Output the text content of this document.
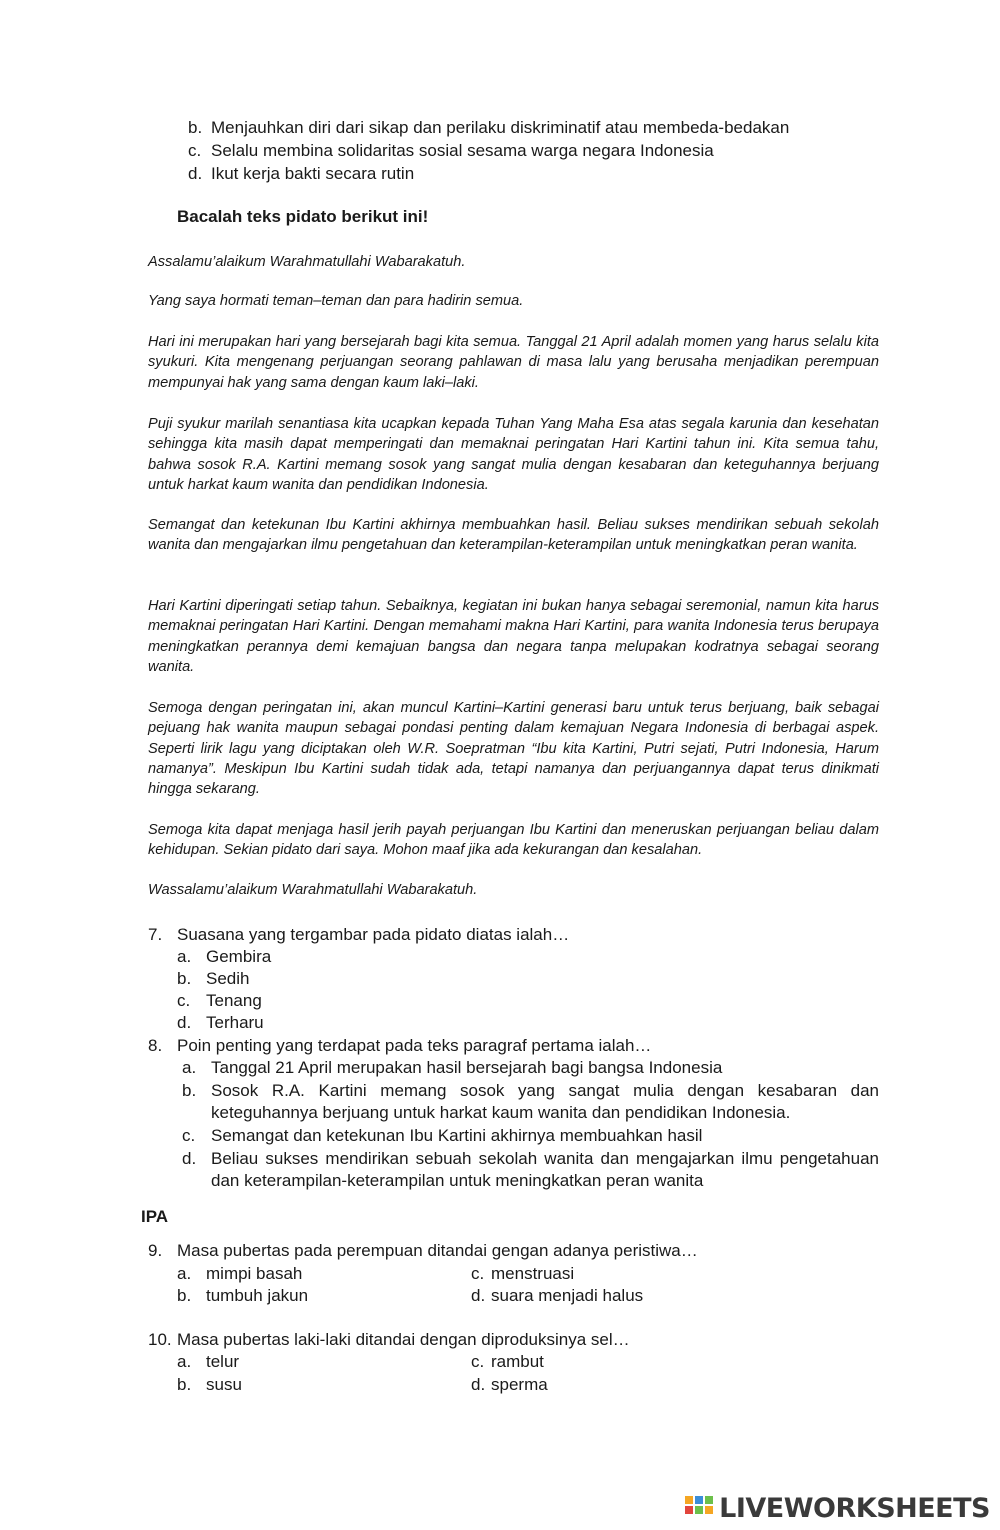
b. Menjauhkan diri dari sikap dan perilaku diskriminatif atau membeda-bedakan
c. Selalu membina solidaritas sosial sesama warga negara Indonesia
d. Ikut kerja bakti secara rutin
Bacalah teks pidato berikut ini!
Assalamu’alaikum Warahmatullahi Wabarakatuh.
Yang saya hormati teman–teman dan para hadirin semua.
Hari ini merupakan hari yang bersejarah bagi kita semua. Tanggal 21 April adalah momen yang harus selalu kita syukuri. Kita mengenang perjuangan seorang pahlawan di masa lalu yang berusaha menjadikan perempuan mempunyai hak yang sama dengan kaum laki–laki.
Puji syukur marilah senantiasa kita ucapkan kepada Tuhan Yang Maha Esa atas segala karunia dan kesehatan sehingga kita masih dapat memperingati dan memaknai peringatan Hari Kartini tahun ini. Kita semua tahu, bahwa sosok R.A. Kartini memang sosok yang sangat mulia dengan kesabaran dan keteguhannya berjuang untuk harkat kaum wanita dan pendidikan Indonesia.
Semangat dan ketekunan Ibu Kartini akhirnya membuahkan hasil. Beliau sukses mendirikan sebuah sekolah wanita dan mengajarkan ilmu pengetahuan dan keterampilan-keterampilan untuk meningkatkan peran wanita.
Hari Kartini diperingati setiap tahun. Sebaiknya, kegiatan ini bukan hanya sebagai seremonial, namun kita harus memaknai peringatan Hari Kartini. Dengan memahami makna Hari Kartini, para wanita Indonesia terus berupaya meningkatkan perannya demi kemajuan bangsa dan negara tanpa melupakan kodratnya sebagai seorang wanita.
Semoga dengan peringatan ini, akan muncul Kartini–Kartini generasi baru untuk terus berjuang, baik sebagai pejuang hak wanita maupun sebagai pondasi penting dalam kemajuan Negara Indonesia di berbagai aspek. Seperti lirik lagu yang diciptakan oleh W.R. Soepratman “Ibu kita Kartini, Putri sejati, Putri Indonesia, Harum namanya”. Meskipun Ibu Kartini sudah tidak ada, tetapi namanya dan perjuangannya dapat terus dinikmati hingga sekarang.
Semoga kita dapat menjaga hasil jerih payah perjuangan Ibu Kartini dan meneruskan perjuangan beliau dalam kehidupan. Sekian pidato dari saya. Mohon maaf jika ada kekurangan dan kesalahan.
Wassalamu’alaikum Warahmatullahi Wabarakatuh.
7. Suasana yang tergambar pada pidato diatas ialah…
a. Gembira
b. Sedih
c. Tenang
d. Terharu
8. Poin penting yang terdapat pada teks paragraf pertama ialah…
a. Tanggal 21 April merupakan hasil bersejarah bagi bangsa Indonesia
b. Sosok R.A. Kartini memang sosok yang sangat mulia dengan kesabaran dan keteguhannya berjuang untuk harkat kaum wanita dan pendidikan Indonesia.
c. Semangat dan ketekunan Ibu Kartini akhirnya membuahkan hasil
d. Beliau sukses mendirikan sebuah sekolah wanita dan mengajarkan ilmu pengetahuan dan keterampilan-keterampilan untuk meningkatkan peran wanita
IPA
9. Masa pubertas pada perempuan ditandai gengan adanya peristiwa…
a. mimpi basah
b. tumbuh jakun
c. menstruasi
d. suara menjadi halus
10. Masa pubertas laki-laki ditandai dengan diproduksinya sel…
a. telur
b. susu
c. rambut
d. sperma
LIVEWORKSHEETS
